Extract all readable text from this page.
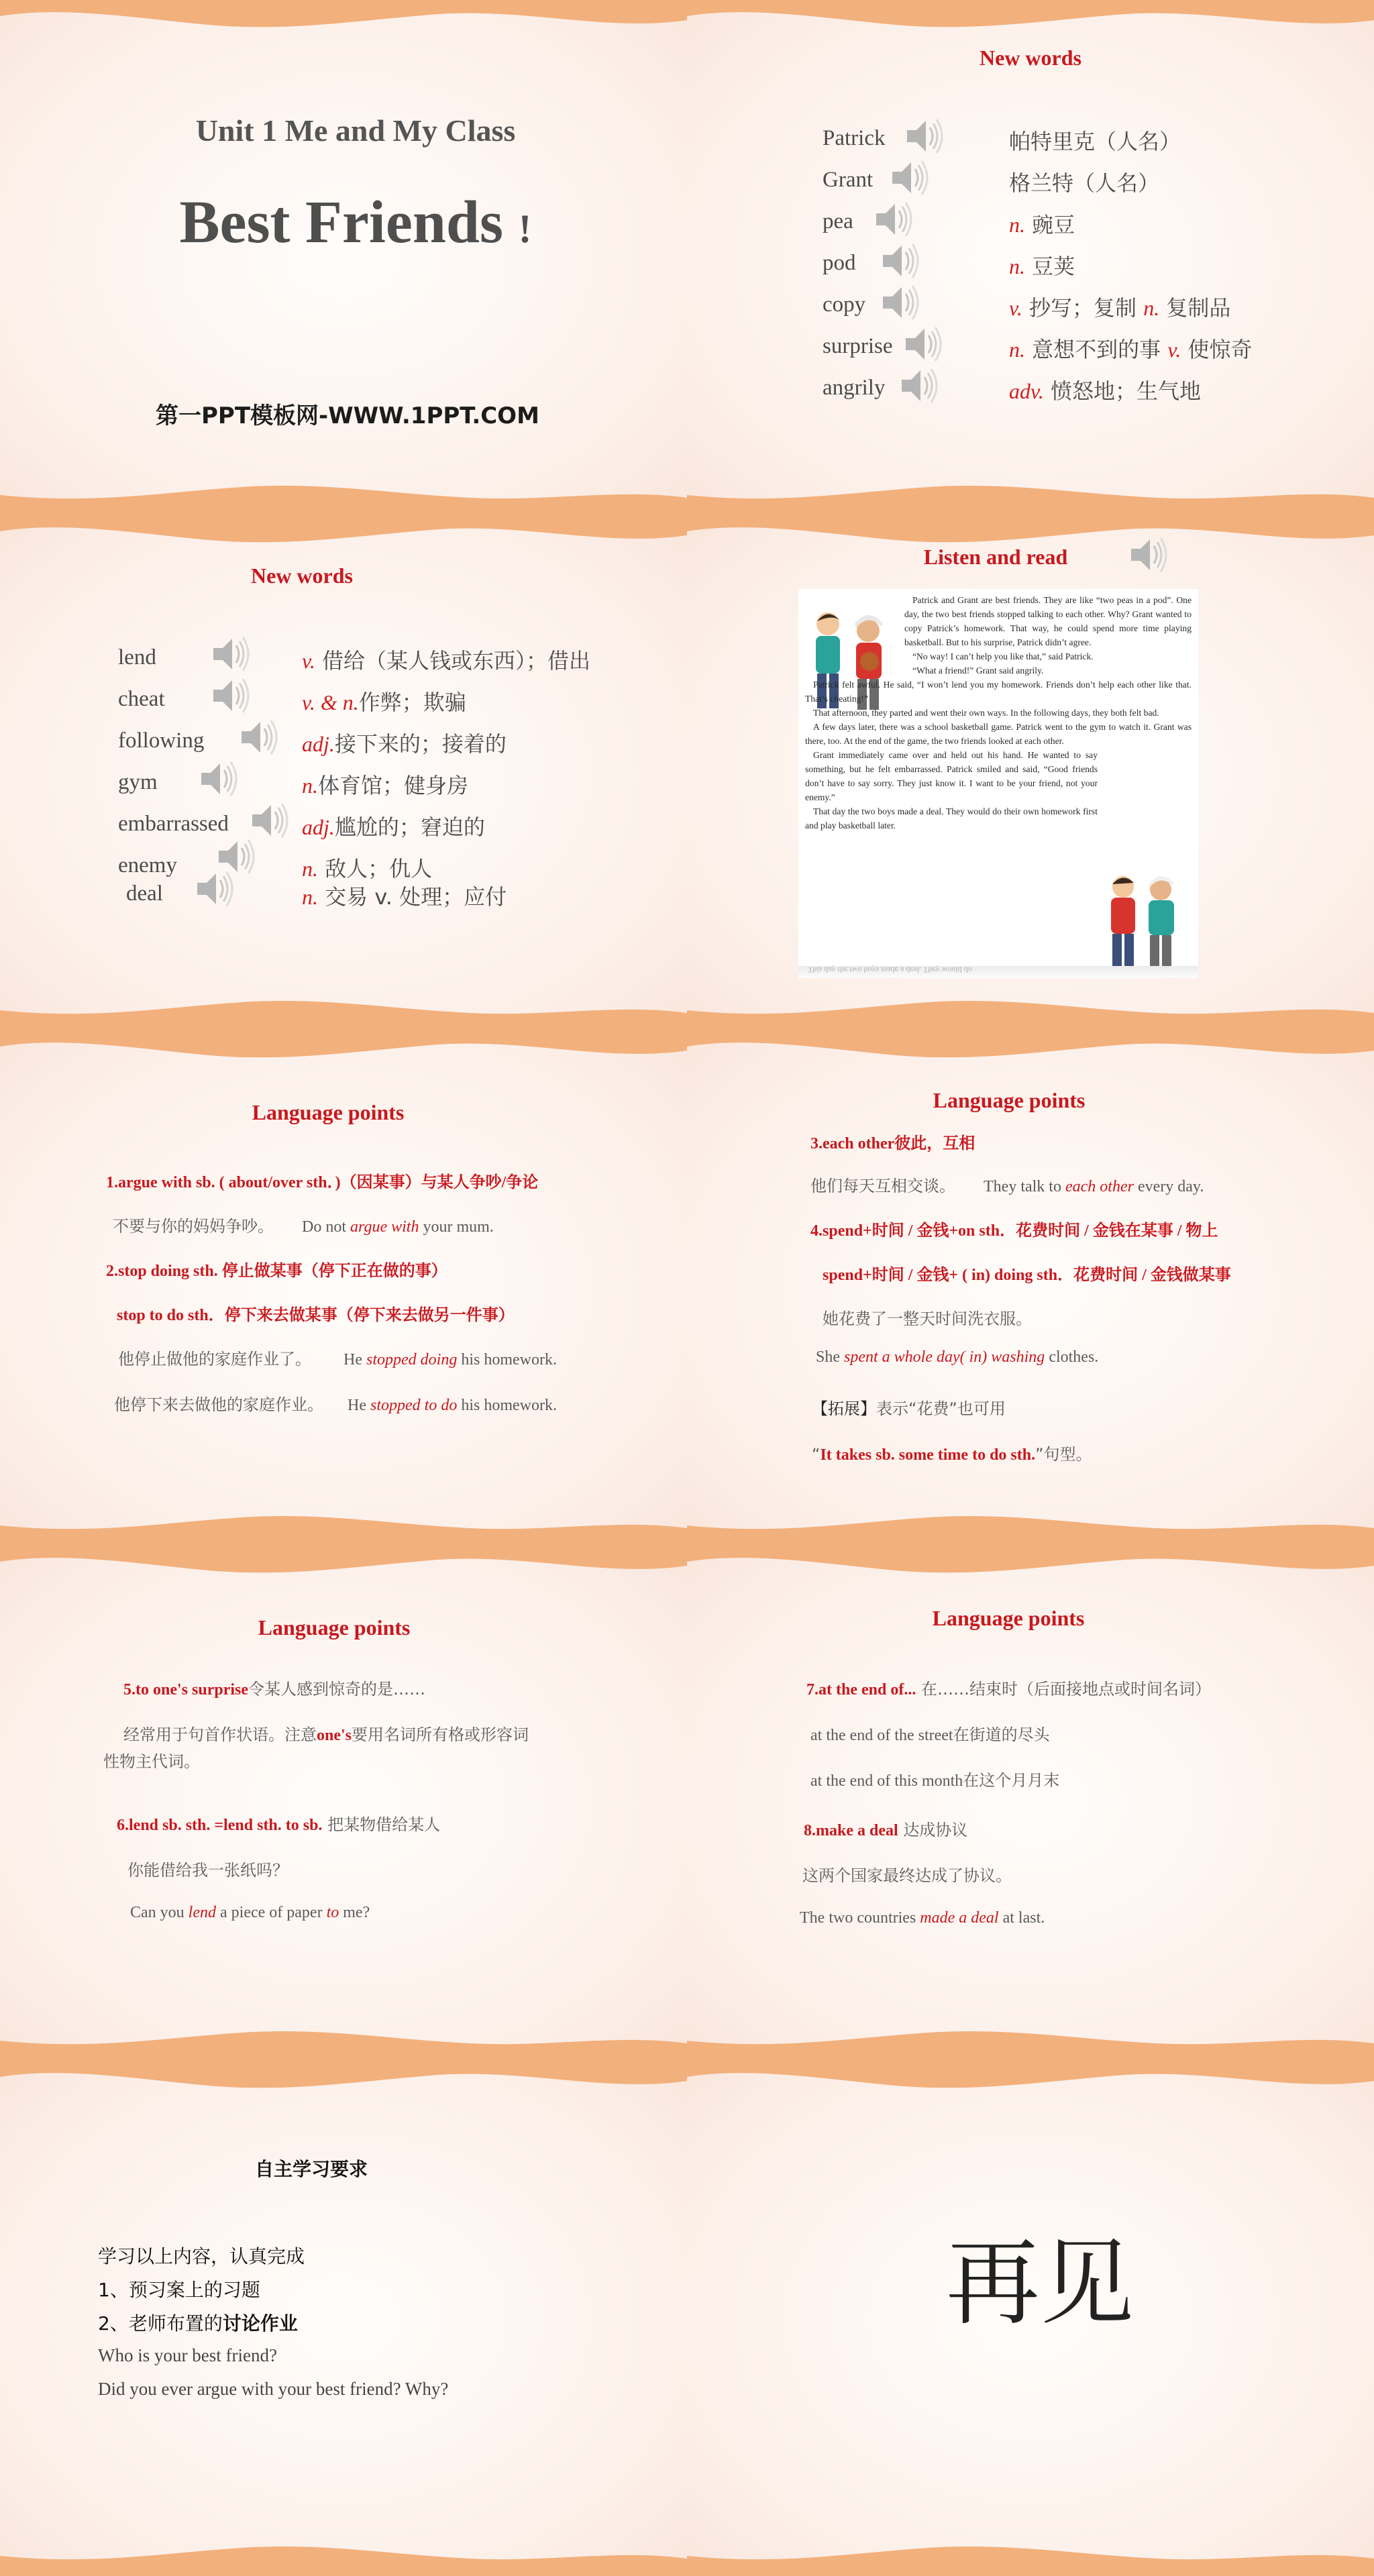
Unit 1 Me and My Class
Best Friends !
第一PPT模板网-WWW.1PPT.COM
New words
Patrick	帕特里克（人名）
Grant	格兰特（人名）
pea	n. 豌豆
pod	n. 豆荚
copy	v. 抄写；复制 n. 复制品
surprise	n. 意想不到的事 v. 使惊奇
angrily	adv. 愤怒地；生气地
New words
lend	v. 借给（某人钱或东西）；借出
cheat	v. & n.作弊；欺骗
following	adj.接下来的；接着的
gym	n.体育馆；健身房
embarrassed	adj.尴尬的；窘迫的
enemy	n. 敌人；仇人
deal	n. 交易 v. 处理；应付
Listen and read

Patrick and Grant are best friends. They are like “two peas in a pod”. One day, the two best friends stopped talking to each other. Why? Grant wanted to copy Patrick’s homework. That way, he could spend more time playing basketball. But to his surprise, Patrick didn’t agree.

“No way! I can’t help you like that,” said Patrick.

“What a friend!” Grant said angrily.

Patrick felt awful. He said, “I won’t lend you my homework. Friends don’t help each other like that. That’s cheating!”

That afternoon, they parted and went their own ways. In the following days, they both felt bad.

A few days later, there was a school basketball game. Patrick went to the gym to watch it. Grant was there, too. At the end of the game, the two friends looked at each other.

Grant immediately came over and held out his hand. He wanted to say something, but he felt embarrassed. Patrick smiled and said, “Good friends don’t have to say sorry. They just know it. I want to be your friend, not your enemy.”

That day the two boys made a deal. They would do their own homework first and play basketball later.

This day the two boys made a deal. They would do
Language points
1.argue with sb. ( about/over sth．)（因某事）与某人争吵/争论
不要与你的妈妈争吵。 Do not argue with your mum.
2.stop doing sth. 停止做某事（停下正在做的事）
stop to do sth．停下来去做某事（停下来去做另一件事）
他停止做他的家庭作业了。 He stopped doing his homework.
他停下来去做他的家庭作业。 He stopped to do his homework.
Language points
3.each other彼此，互相
他们每天互相交谈。 They talk to each other every day.
4.spend+时间 / 金钱+on sth．花费时间 / 金钱在某事 / 物上
spend+时间 / 金钱+ ( in) doing sth．花费时间 / 金钱做某事
她花费了一整天时间洗衣服。
She spent a whole day( in) washing clothes.
【拓展】表示“花费”也可用
“It takes sb. some time to do sth.”句型。
Language points
5.to one's surprise令某人感到惊奇的是……
经常用于句首作状语。注意one's要用名词所有格或形容词
性物主代词。
6.lend sb. sth. =lend sth. to sb. 把某物借给某人
你能借给我一张纸吗？
Can you lend a piece of paper to me?
Language points
7.at the end of... 在……结束时（后面接地点或时间名词）
at the end of the street在街道的尽头
at the end of this month在这个月月末
8.make a deal 达成协议
这两个国家最终达成了协议。
The two countries made a deal at last.
自主学习要求
学习以上内容，认真完成
1、预习案上的习题
2、老师布置的讨论作业
Who is your best friend?
Did you ever argue with your best friend? Why?
再见
